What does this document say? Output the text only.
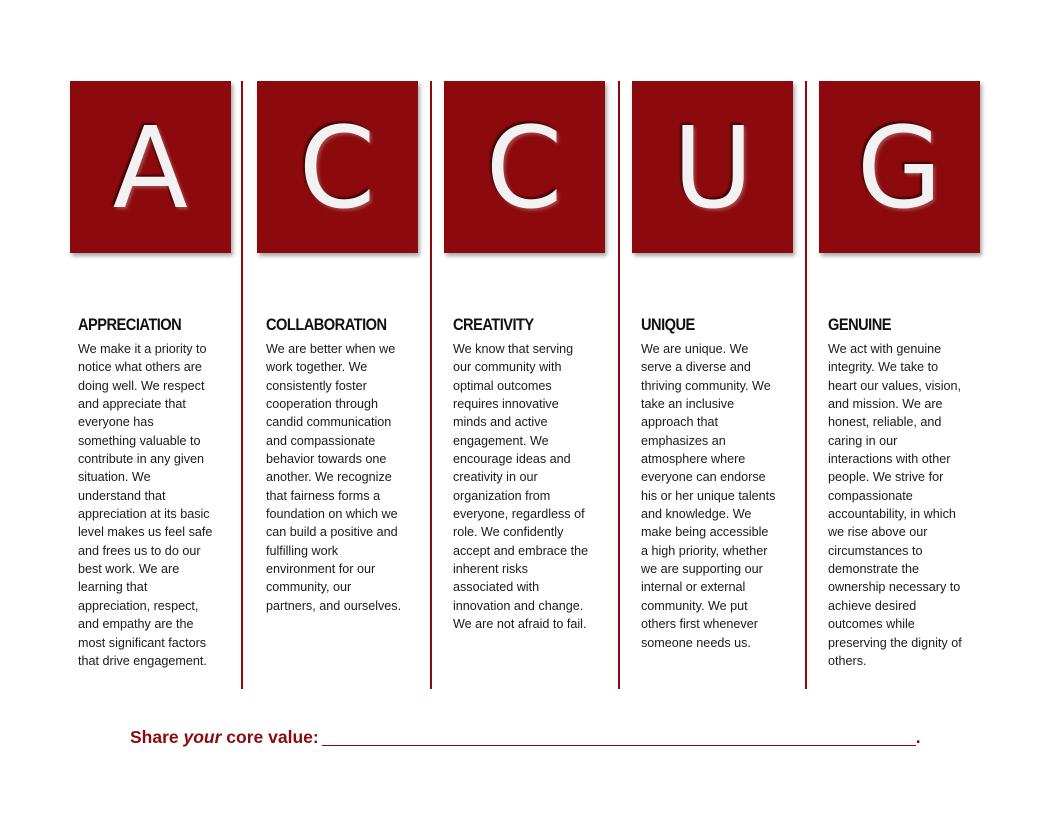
A C C U G
APPRECIATION
We make it a priority to
notice what others are
doing well. We respect
and appreciate that
everyone has
something valuable to
contribute in any given
situation. We
understand that
appreciation at its basic
level makes us feel safe
and frees us to do our
best work. We are
learning that
appreciation, respect,
and empathy are the
most significant factors
that drive engagement.
COLLABORATION
We are better when we
work together. We
consistently foster
cooperation through
candid communication
and compassionate
behavior towards one
another. We recognize
that fairness forms a
foundation on which we
can build a positive and
fulfilling work
environment for our
community, our
partners, and ourselves.
CREATIVITY
We know that serving
our community with
optimal outcomes
requires innovative
minds and active
engagement. We
encourage ideas and
creativity in our
organization from
everyone, regardless of
role. We confidently
accept and embrace the
inherent risks
associated with
innovation and change.
We are not afraid to fail.
UNIQUE
We are unique. We
serve a diverse and
thriving community. We
take an inclusive
approach that
emphasizes an
atmosphere where
everyone can endorse
his or her unique talents
and knowledge. We
make being accessible
a high priority, whether
we are supporting our
internal or external
community. We put
others first whenever
someone needs us.
GENUINE
We act with genuine
integrity. We take to
heart our values, vision,
and mission. We are
honest, reliable, and
caring in our
interactions with other
people. We strive for
compassionate
accountability, in which
we rise above our
circumstances to
demonstrate the
ownership necessary to
achieve desired
outcomes while
preserving the dignity of
others.
Share your core value:	.
